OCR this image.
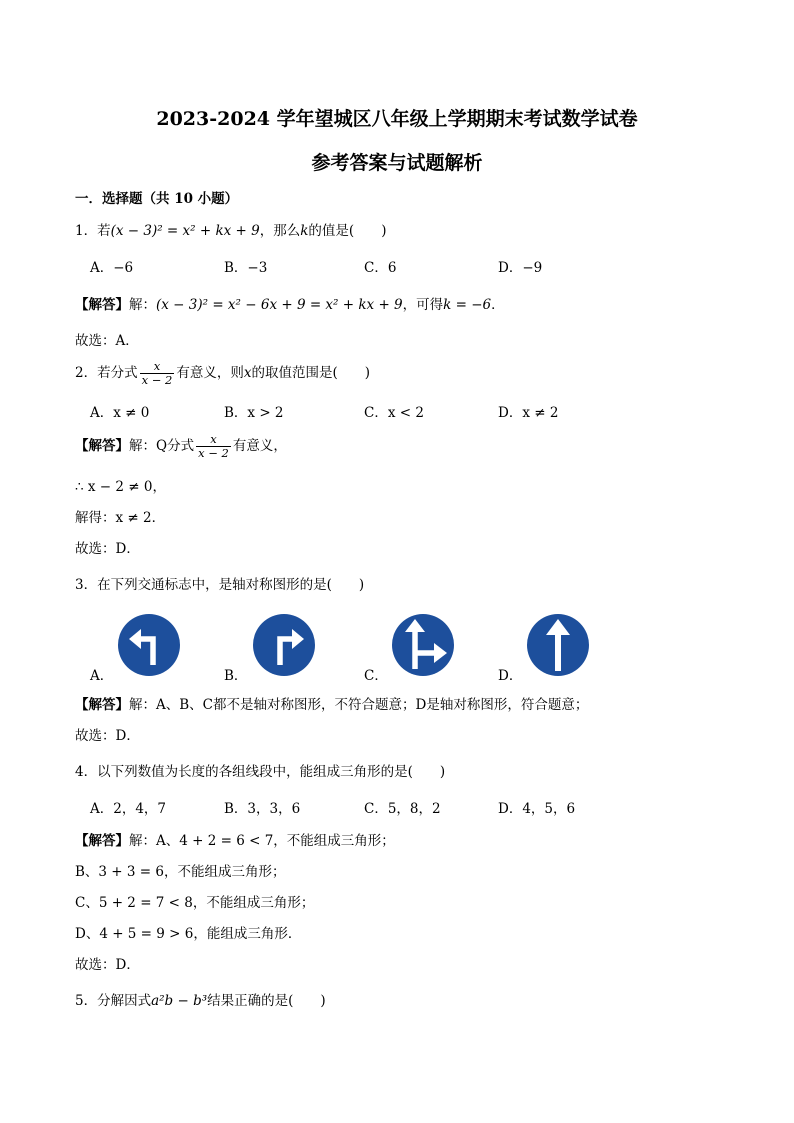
2023-2024 学年望城区八年级上学期期末考试数学试卷
参考答案与试题解析
一．选择题（共 10 小题）
1．若(x − 3)² = x² + kx + 9，那么k的值是(　　)
A．−6	B．−3	C．6	D．−9
【解答】解：(x − 3)² = x² − 6x + 9 = x² + kx + 9，可得k = −6．
故选：A．
2．若分式 $\frac{x}{x - 2}$ 有意义，则x的取值范围是(　　)
A．x ≠ 0	B．x > 2	C．x < 2	D．x ≠ 2
【解答】解：Q分式 $\frac{x}{x - 2}$ 有意义，
∴ x − 2 ≠ 0，
解得：x ≠ 2．
故选：D．
3．在下列交通标志中，是轴对称图形的是(　　)
A．	B．	C．	D．
【解答】解：A、B、C都不是轴对称图形，不符合题意；D是轴对称图形，符合题意；
故选：D．
4．以下列数值为长度的各组线段中，能组成三角形的是(　　)
A．2，4，7	B．3，3，6	C．5，8，2	D．4，5，6
【解答】解：A、4 + 2 = 6 < 7，不能组成三角形；
B、3 + 3 = 6，不能组成三角形；
C、5 + 2 = 7 < 8，不能组成三角形；
D、4 + 5 = 9 > 6，能组成三角形．
故选：D．
5．分解因式a²b − b³结果正确的是(　　)
